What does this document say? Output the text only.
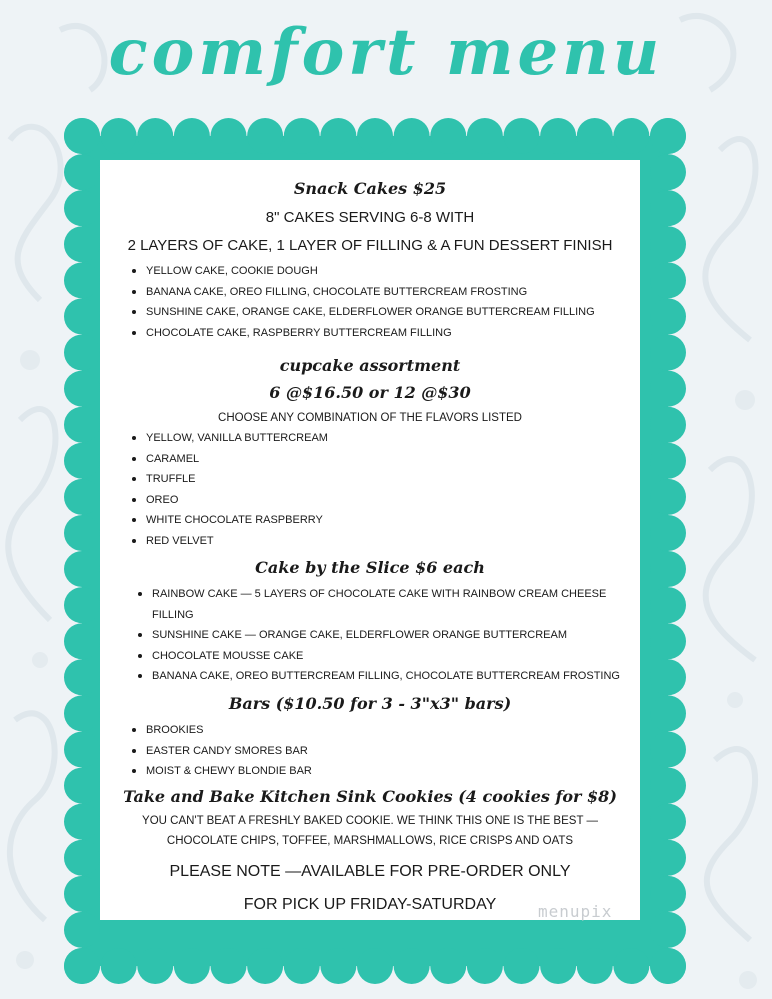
comfort menu
Snack Cakes $25
8" CAKES SERVING 6-8 WITH
2 LAYERS OF CAKE, 1 LAYER OF FILLING & A FUN DESSERT FINISH
YELLOW CAKE, COOKIE DOUGH
BANANA CAKE, OREO FILLING, CHOCOLATE BUTTERCREAM FROSTING
SUNSHINE CAKE, ORANGE CAKE, ELDERFLOWER ORANGE BUTTERCREAM FILLING
CHOCOLATE CAKE, RASPBERRY BUTTERCREAM FILLING
cupcake assortment
6 @$16.50 or 12 @$30
CHOOSE ANY COMBINATION OF THE FLAVORS LISTED
YELLOW, VANILLA BUTTERCREAM
CARAMEL
TRUFFLE
OREO
WHITE CHOCOLATE RASPBERRY
RED VELVET
Cake by the Slice $6 each
RAINBOW CAKE — 5 LAYERS OF CHOCOLATE CAKE WITH RAINBOW CREAM CHEESE FILLING
SUNSHINE CAKE — ORANGE CAKE, ELDERFLOWER ORANGE BUTTERCREAM
CHOCOLATE MOUSSE CAKE
BANANA CAKE, OREO BUTTERCREAM FILLING, CHOCOLATE BUTTERCREAM FROSTING
Bars ($10.50 for 3 - 3"x3" bars)
BROOKIES
EASTER CANDY SMORES BAR
MOIST & CHEWY BLONDIE BAR
Take and Bake Kitchen Sink Cookies (4 cookies for $8)
YOU CAN'T BEAT A FRESHLY BAKED COOKIE. WE THINK THIS ONE IS THE BEST —
CHOCOLATE CHIPS, TOFFEE, MARSHMALLOWS, RICE CRISPS AND OATS
PLEASE NOTE —AVAILABLE FOR PRE-ORDER ONLY
FOR PICK UP FRIDAY-SATURDAY	menupix
